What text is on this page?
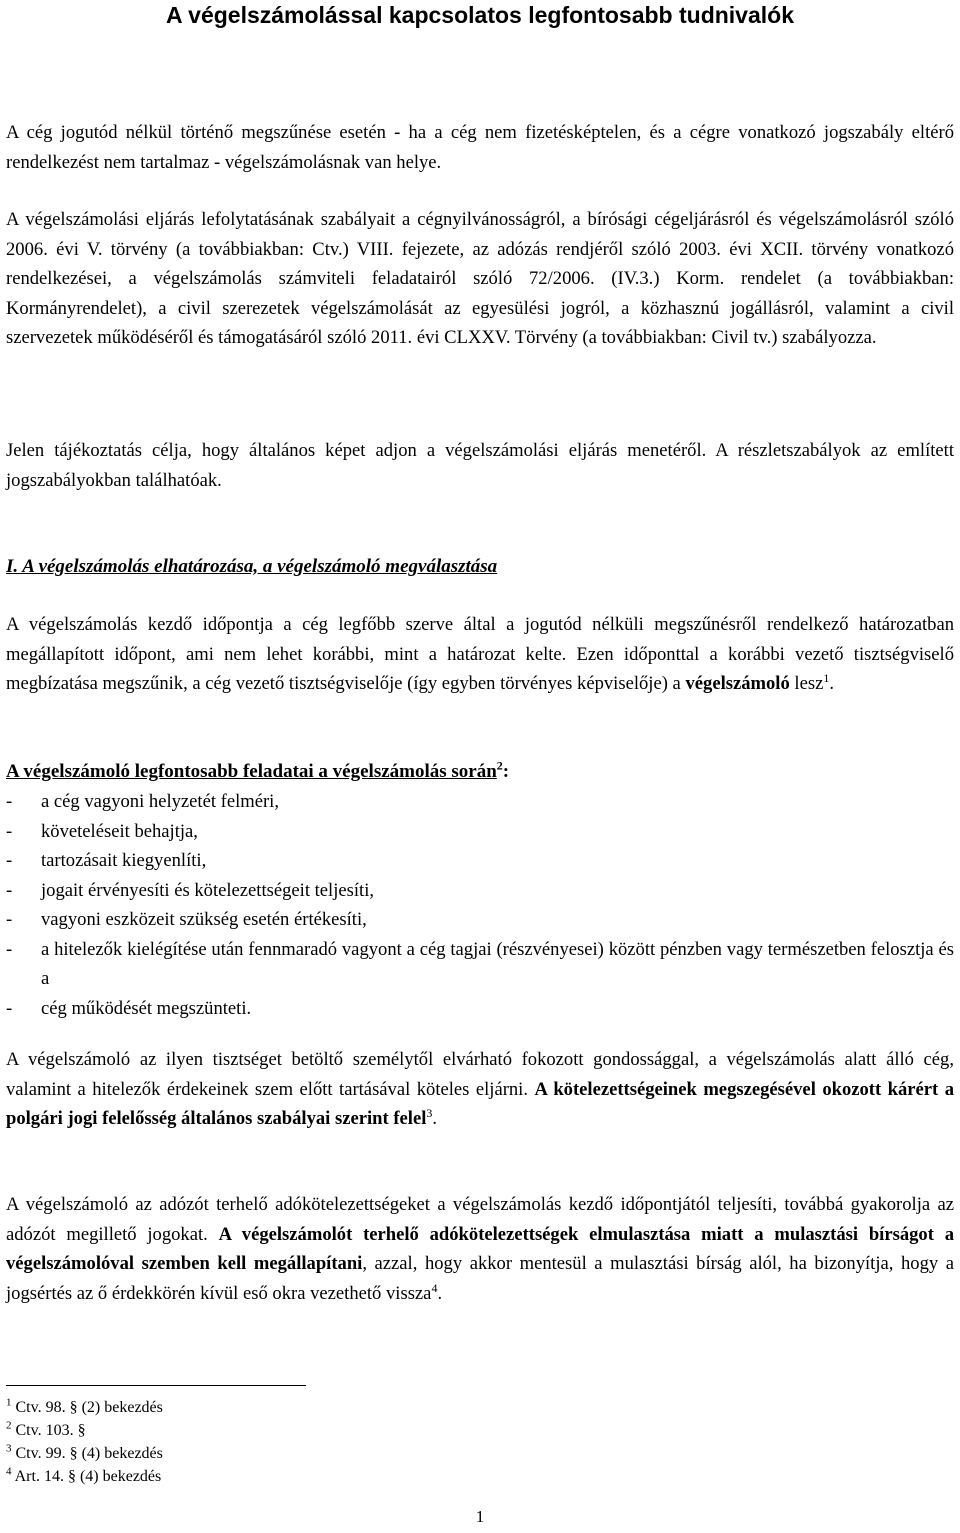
A végelszámolással kapcsolatos legfontosabb tudnivalók
A cég jogutód nélkül történő megszűnése esetén - ha a cég nem fizetésképtelen, és a cégre vonatkozó jogszabály eltérő rendelkezést nem tartalmaz - végelszámolásnak van helye.
A végelszámolási eljárás lefolytatásának szabályait a cégnyilvánosságról, a bírósági cégeljárásról és végelszámolásról szóló 2006. évi V. törvény (a továbbiakban: Ctv.) VIII. fejezete, az adózás rendjéről szóló 2003. évi XCII. törvény vonatkozó rendelkezései, a végelszámolás számviteli feladatairól szóló 72/2006. (IV.3.) Korm. rendelet (a továbbiakban: Kormányrendelet), a civil szerezetek végelszámolását az egyesülési jogról, a közhasznú jogállásról, valamint a civil szervezetek működéséről és támogatásáról szóló 2011. évi CLXXV. Törvény (a továbbiakban: Civil tv.) szabályozza.
Jelen tájékoztatás célja, hogy általános képet adjon a végelszámolási eljárás menetéről. A részletszabályok az említett jogszabályokban találhatóak.
I. A végelszámolás elhatározása, a végelszámoló megválasztása
A végelszámolás kezdő időpontja a cég legfőbb szerve által a jogutód nélküli megszűnésről rendelkező határozatban megállapított időpont, ami nem lehet korábbi, mint a határozat kelte. Ezen időponttal a korábbi vezető tisztségviselő megbízatása megszűnik, a cég vezető tisztségviselője (így egyben törvényes képviselője) a végelszámoló lesz$^1$.
A végelszámoló legfontosabb feladatai a végelszámolás során$^2$:
- a cég vagyoni helyzetét felméri,
- követeléseit behajtja,
- tartozásait kiegyenlíti,
- jogait érvényesíti és kötelezettségeit teljesíti,
- vagyoni eszközeit szükség esetén értékesíti,
- a hitelezők kielégítése után fennmaradó vagyont a cég tagjai (részvényesei) között pénzben vagy természetben felosztja és a
- cég működését megszünteti.
A végelszámoló az ilyen tisztséget betöltő személytől elvárható fokozott gondossággal, a végelszámolás alatt álló cég, valamint a hitelezők érdekeinek szem előtt tartásával köteles eljárni. A kötelezettségeinek megszegésével okozott kárért a polgári jogi felelősség általános szabályai szerint felel$^3$.
A végelszámoló az adózót terhelő adókötelezettségeket a végelszámolás kezdő időpontjától teljesíti, továbbá gyakorolja az adózót megillető jogokat. A végelszámolót terhelő adókötelezettségek elmulasztása miatt a mulasztási bírságot a végelszámolóval szemben kell megállapítani, azzal, hogy akkor mentesül a mulasztási bírság alól, ha bizonyítja, hogy a jogsértés az ő érdekkörén kívül eső okra vezethető vissza$^4$.
$^1$ Ctv. 98. § (2) bekezdés
$^2$ Ctv. 103. §
$^3$ Ctv. 99. § (4) bekezdés
$^4$ Art. 14. § (4) bekezdés
1
